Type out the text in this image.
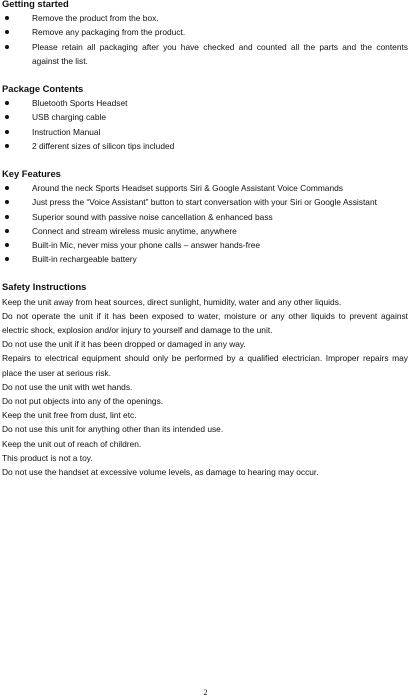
Getting started
Remove the product from the box.
Remove any packaging from the product.
Please retain all packaging after you have checked and counted all the parts and the contents against the list.
Package Contents
Bluetooth Sports Headset
USB charging cable
Instruction Manual
2 different sizes of silicon tips included
Key Features
Around the neck Sports Headset supports Siri & Google Assistant Voice Commands
Just press the “Voice Assistant” button to start conversation with your Siri or Google Assistant
Superior sound with passive noise cancellation & enhanced bass
Connect and stream wireless music anytime, anywhere
Built-in Mic, never miss your phone calls – answer hands-free
Built-in rechargeable battery
Safety Instructions

Keep the unit away from heat sources, direct sunlight, humidity, water and any other liquids.

Do not operate the unit if it has been exposed to water, moisture or any other liquids to prevent against electric shock, explosion and/or injury to yourself and damage to the unit.

Do not use the unit if it has been dropped or damaged in any way.

Repairs to electrical equipment should only be performed by a qualified electrician. Improper repairs may place the user at serious risk.

Do not use the unit with wet hands.

Do not put objects into any of the openings.

Keep the unit free from dust, lint etc.

Do not use this unit for anything other than its intended use.

Keep the unit out of reach of children.

This product is not a toy.

Do not use the handset at excessive volume levels, as damage to hearing may occur.

2
